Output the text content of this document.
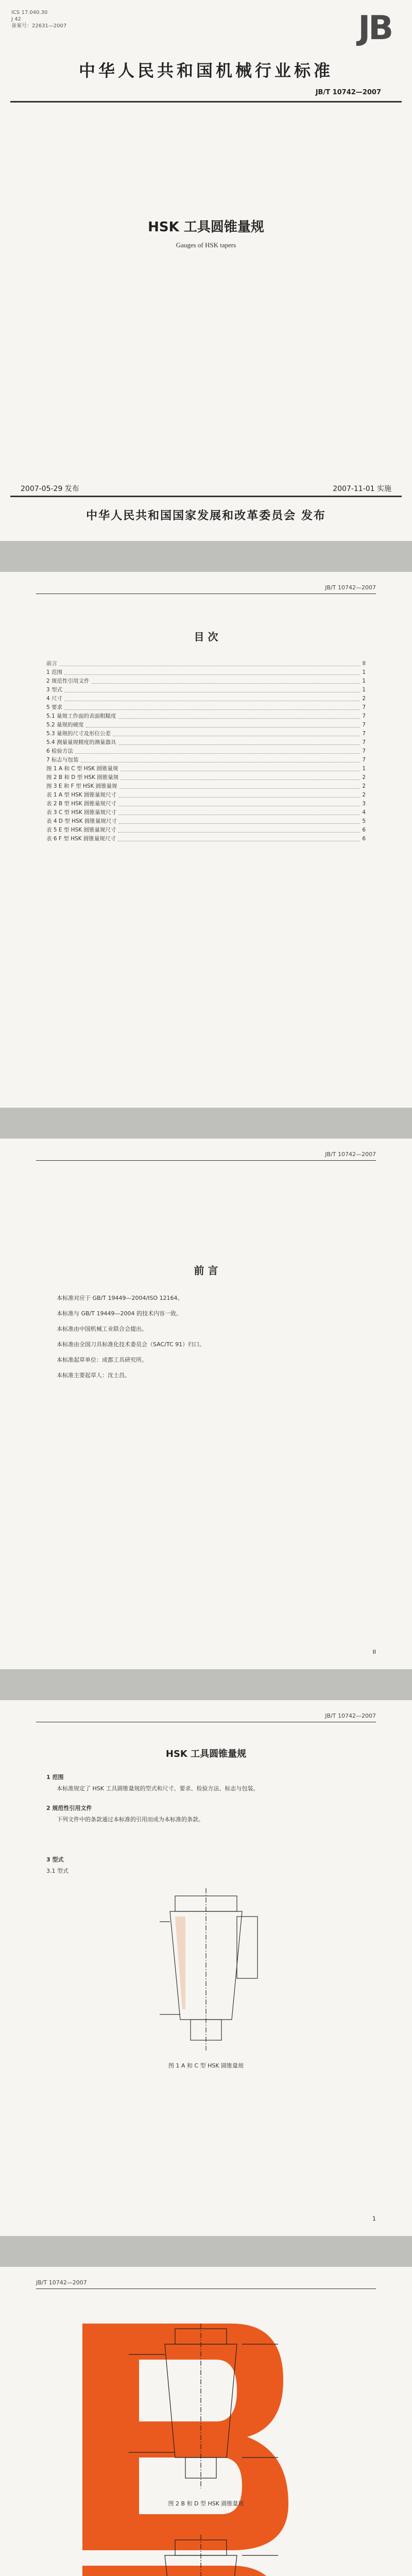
ICS 17.040.30
J 42
备案号：22631—2007	JB
中华人民共和国机械行业标准
JB/T 10742—2007
HSK 工具圆锥量规
Gauges of HSK tapers
2007-05-29 发布	2007-11-01 实施
中华人民共和国国家发展和改革委员会 发布
JB/T 10742—2007
目 次
前言	II
1 范围	1
2 规范性引用文件	1
3 型式	1
4 尺寸	2
5 要求	7
5.1 量规工作面的表面粗糙度	7
5.2 量规的硬度	7
5.3 量规的尺寸及形位公差	7
5.4 测量量规精度的测量器具	7
6 检验方法	7
7 标志与包装	7
图 1 A 和 C 型 HSK 圆锥量规	1
图 2 B 和 D 型 HSK 圆锥量规	2
图 3 E 和 F 型 HSK 圆锥量规	2
表 1 A 型 HSK 圆锥量规尺寸	2
表 2 B 型 HSK 圆锥量规尺寸	3
表 3 C 型 HSK 圆锥量规尺寸	4
表 4 D 型 HSK 圆锥量规尺寸	5
表 5 E 型 HSK 圆锥量规尺寸	6
表 6 F 型 HSK 圆锥量规尺寸	6
JB/T 10742—2007
前 言
本标准对应于 GB/T 19449—2004/ISO 12164。
本标准与 GB/T 19449—2004 的技术内容一致。
本标准由中国机械工业联合会提出。
本标准由全国刀具标准化技术委员会（SAC/TC 91）归口。
本标准起草单位：成都工具研究所。
本标准主要起草人：沈士昌。
II
JB/T 10742—2007
HSK 工具圆锥量规
1 范围
本标准规定了 HSK 工具圆锥量规的型式和尺寸、要求、检验方法、标志与包装。
2 规范性引用文件
下列文件中的条款通过本标准的引用而成为本标准的条款。
3 型式
3.1 型式
图 1 A 和 C 型 HSK 圆锥量规
1
JB/T 10742—2007
图 2 B 和 D 型 HSK 圆锥量规
